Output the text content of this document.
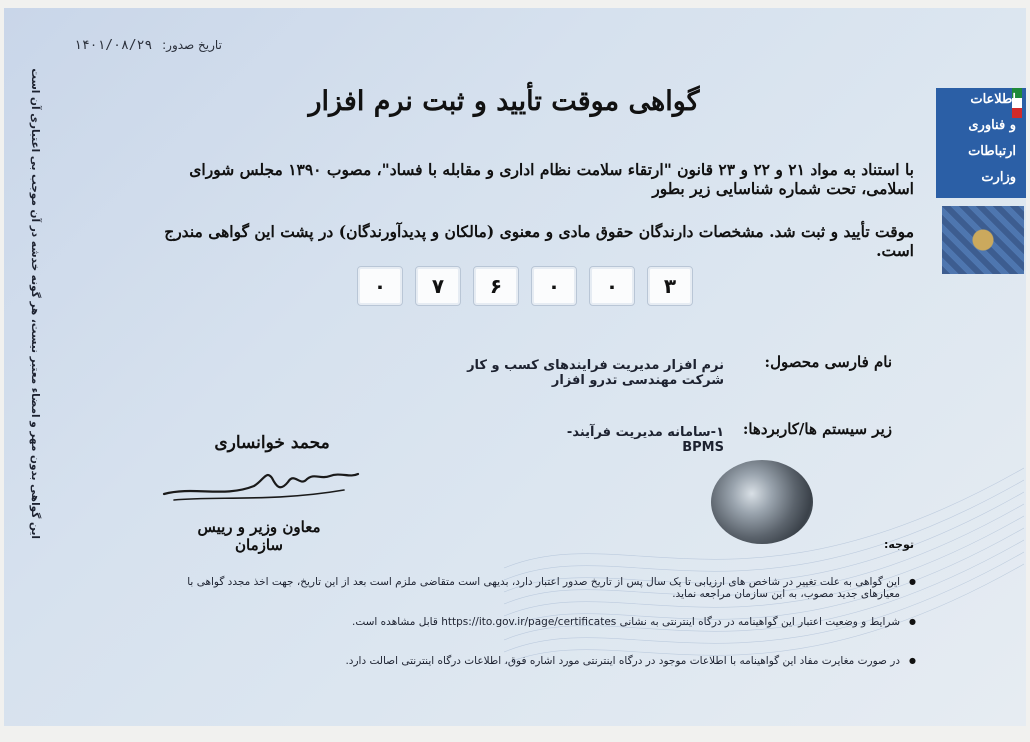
تاریخ صدور: ۱۴۰۱/۰۸/۲۹
گواهی موقت تأیید و ثبت نرم افزار
با استناد به مواد ۲۱ و ۲۲ و ۲۳ قانون "ارتقاء سلامت نظام اداری و مقابله با فساد"، مصوب ۱۳۹۰ مجلس شورای اسلامی، تحت شماره شناسایی زیر بطور
موقت تأیید و ثبت شد. مشخصات دارندگان حقوق مادی و معنوی (مالکان و پدیدآورندگان) در پشت این گواهی مندرج است.
۳
۰
۰
۶
۷
۰
نام فارسی محصول:
نرم افزار مدیریت فرایندهای کسب و کار شرکت مهندسی تدرو افزار
زیر سیستم ها/کاربردها:
۱-سامانه مدیریت فرآیند- BPMS
محمد خوانساری
معاون وزیر و رییس سازمان	توجه:
این گواهی به علت تغییر در شاخص های ارزیابی تا یک سال پس از تاریخ صدور اعتبار دارد، بدیهی است متقاضی ملزم است بعد از این تاریخ، جهت اخذ مجدد گواهی با معیارهای جدید مصوب، به این سازمان مراجعه نماید. ●
شرایط و وضعیت اعتبار این گواهینامه در درگاه اینترنتی به نشانی https://ito.gov.ir/page/certificates قابل مشاهده است. ●
در صورت مغایرت مفاد این گواهینامه با اطلاعات موجود در درگاه اینترنتی مورد اشاره فوق، اطلاعات درگاه اینترنتی اصالت دارد. ●
این گواهی بدون مهر و امضاء معتبر نیست، هر گونه خدشه در آن موجب بی اعتباری آن است	اطلاعات
و فناوری
ارتباطات
وزارت
